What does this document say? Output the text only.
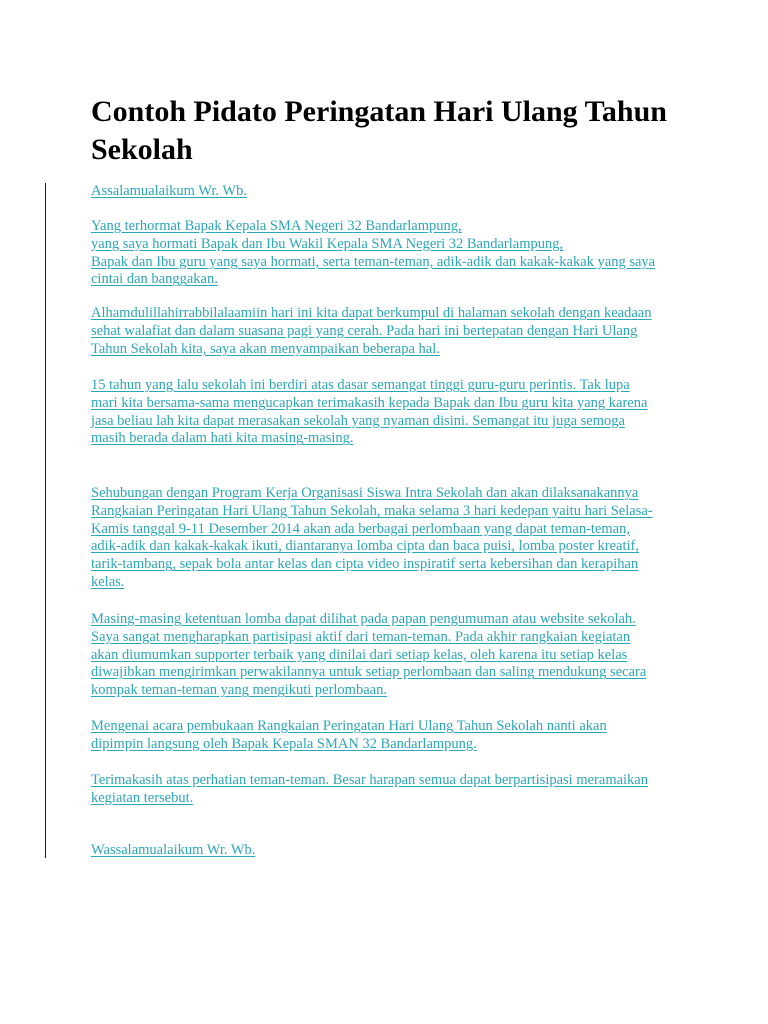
Contoh Pidato Peringatan Hari Ulang Tahun
Sekolah

Assalamualaikum Wr. Wb.

Yang terhormat Bapak Kepala SMA Negeri 32 Bandarlampung,
yang saya hormati Bapak dan Ibu Wakil Kepala SMA Negeri 32 Bandarlampung,
Bapak dan Ibu guru yang saya hormati, serta teman-teman, adik-adik dan kakak-kakak yang saya
cintai dan banggakan.

Alhamdulillahirrabbilalaamiin hari ini kita dapat berkumpul di halaman sekolah dengan keadaan
sehat walafiat dan dalam suasana pagi yang cerah. Pada hari ini bertepatan dengan Hari Ulang
Tahun Sekolah kita, saya akan menyampaikan beberapa hal.

15 tahun yang lalu sekolah ini berdiri atas dasar semangat tinggi guru-guru perintis. Tak lupa
mari kita bersama-sama mengucapkan terimakasih kepada Bapak dan Ibu guru kita yang karena
jasa beliau lah kita dapat merasakan sekolah yang nyaman disini. Semangat itu juga semoga
masih berada dalam hati kita masing-masing.

Sehubungan dengan Program Kerja Organisasi Siswa Intra Sekolah dan akan dilaksanakannya
Rangkaian Peringatan Hari Ulang Tahun Sekolah, maka selama 3 hari kedepan yaitu hari Selasa-
Kamis tanggal 9-11 Desember 2014 akan ada berbagai perlombaan yang dapat teman-teman,
adik-adik dan kakak-kakak ikuti, diantaranya lomba cipta dan baca puisi, lomba poster kreatif,
tarik-tambang, sepak bola antar kelas dan cipta video inspiratif serta kebersihan dan kerapihan
kelas.

Masing-masing ketentuan lomba dapat dilihat pada papan pengumuman atau website sekolah.
Saya sangat mengharapkan partisipasi aktif dari teman-teman. Pada akhir rangkaian kegiatan
akan diumumkan supporter terbaik yang dinilai dari setiap kelas, oleh karena itu setiap kelas
diwajibkan mengirimkan perwakilannya untuk setiap perlombaan dan saling mendukung secara
kompak teman-teman yang mengikuti perlombaan.

Mengenai acara pembukaan Rangkaian Peringatan Hari Ulang Tahun Sekolah nanti akan
dipimpin langsung oleh Bapak Kepala SMAN 32 Bandarlampung.

Terimakasih atas perhatian teman-teman. Besar harapan semua dapat berpartisipasi meramaikan
kegiatan tersebut.

Wassalamualaikum Wr. Wb.
